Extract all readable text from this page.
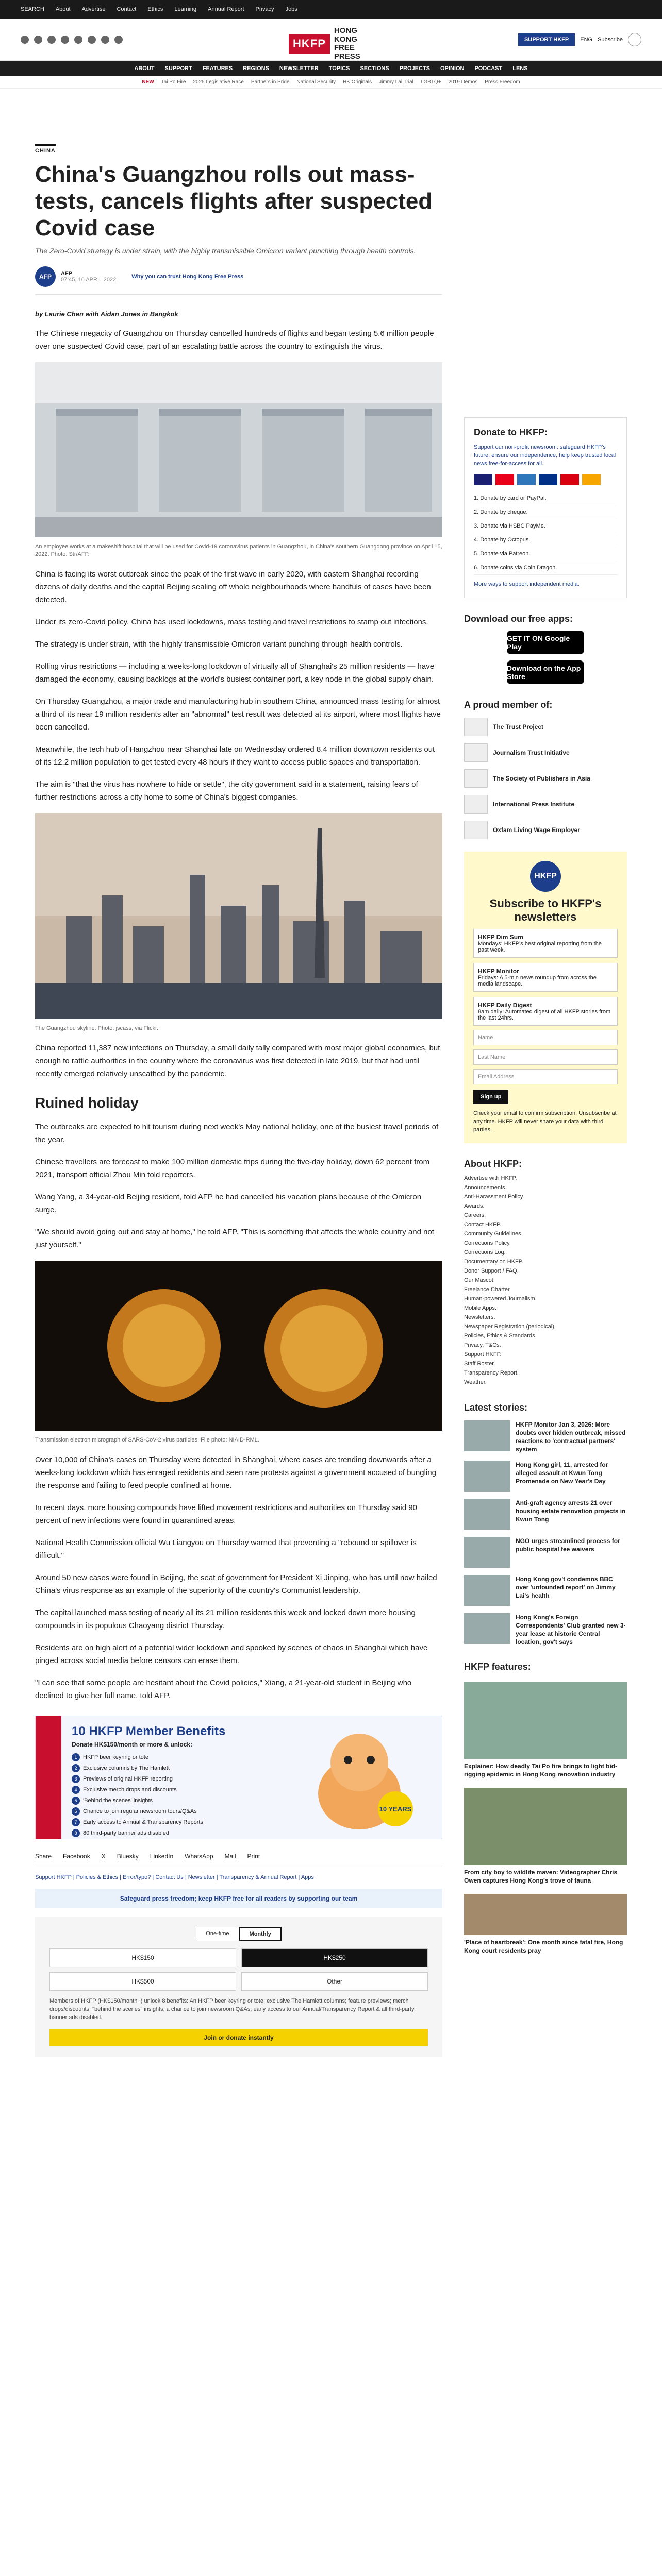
SEARCH About Advertise Contact Ethics Learning Annual Report Privacy Jobs
HKFP
HONG KONG FREE PRESS
SUPPORT HKFP	ENG Subscribe
ABOUT SUPPORT FEATURES REGIONS NEWSLETTER TOPICS SECTIONS PROJECTS OPINION PODCAST LENS
NEW Tai Po Fire 2025 Legislative Race Partners in Pride National Security HK Originals Jimmy Lai Trial LGBTQ+ 2019 Demos Press Freedom
CHINA
China's Guangzhou rolls out mass-tests, cancels flights after suspected Covid case
The Zero-Covid strategy is under strain, with the highly transmissible Omicron variant punching through health controls.
AFP	AFP
07:45, 16 APRIL 2022	Why you can trust Hong Kong Free Press
by Laurie Chen with Aidan Jones in Bangkok

The Chinese megacity of Guangzhou on Thursday cancelled hundreds of flights and began testing 5.6 million people over one suspected Covid case, part of an escalating battle across the country to extinguish the virus.

An employee works at a makeshift hospital that will be used for Covid-19 coronavirus patients in Guangzhou, in China's southern Guangdong province on April 15, 2022. Photo: Str/AFP.

China is facing its worst outbreak since the peak of the first wave in early 2020, with eastern Shanghai recording dozens of daily deaths and the capital Beijing sealing off whole neighbourhoods where handfuls of cases have been detected.

Under its zero-Covid policy, China has used lockdowns, mass testing and travel restrictions to stamp out infections.

The strategy is under strain, with the highly transmissible Omicron variant punching through health controls.

Rolling virus restrictions — including a weeks-long lockdown of virtually all of Shanghai's 25 million residents — have damaged the economy, causing backlogs at the world's busiest container port, a key node in the global supply chain.

On Thursday Guangzhou, a major trade and manufacturing hub in southern China, announced mass testing for almost a third of its near 19 million residents after an "abnormal" test result was detected at its airport, where most flights have been cancelled.

Meanwhile, the tech hub of Hangzhou near Shanghai late on Wednesday ordered 8.4 million downtown residents out of its 12.2 million population to get tested every 48 hours if they want to access public spaces and transportation.

The aim is "that the virus has nowhere to hide or settle", the city government said in a statement, raising fears of further restrictions across a city home to some of China's biggest companies.

The Guangzhou skyline. Photo: jscass, via Flickr.

China reported 11,387 new infections on Thursday, a small daily tally compared with most major global economies, but enough to rattle authorities in the country where the coronavirus was first detected in late 2019, but that had until recently emerged relatively unscathed by the pandemic.

Ruined holiday

The outbreaks are expected to hit tourism during next week's May national holiday, one of the busiest travel periods of the year.

Chinese travellers are forecast to make 100 million domestic trips during the five-day holiday, down 62 percent from 2021, transport official Zhou Min told reporters.

Wang Yang, a 34-year-old Beijing resident, told AFP he had cancelled his vacation plans because of the Omicron surge.

"We should avoid going out and stay at home," he told AFP. "This is something that affects the whole country and not just yourself."

Transmission electron micrograph of SARS-CoV-2 virus particles. File photo: NIAID-RML.

Over 10,000 of China's cases on Thursday were detected in Shanghai, where cases are trending downwards after a weeks-long lockdown which has enraged residents and seen rare protests against a government accused of bungling the response and failing to feed people confined at home.

In recent days, more housing compounds have lifted movement restrictions and authorities on Thursday said 90 percent of new infections were found in quarantined areas.

National Health Commission official Wu Liangyou on Thursday warned that preventing a "rebound or spillover is difficult."

Around 50 new cases were found in Beijing, the seat of government for President Xi Jinping, who has until now hailed China's virus response as an example of the superiority of the country's Communist leadership.

The capital launched mass testing of nearly all its 21 million residents this week and locked down more housing compounds in its populous Chaoyang district Thursday.

Residents are on high alert of a potential wider lockdown and spooked by scenes of chaos in Shanghai which have pinged across social media before censors can erase them.

"I can see that some people are hesitant about the Covid policies," Xiang, a 21-year-old student in Beijing who declined to give her full name, told AFP.

10 HKFP Member Benefits
Donate HK$150/month or more & unlock:
1	HKFP beer keyring or tote
2	Exclusive columns by The Hamlett
3	Previews of original HKFP reporting
4	Exclusive merch drops and discounts
5	'Behind the scenes' insights
6	Chance to join regular newsroom tours/Q&As
7	Early access to Annual & Transparency Reports
8	80 third-party banner ads disabled
10 YEARS
Share Facebook X Bluesky LinkedIn WhatsApp Mail Print
Support HKFP | Policies & Ethics | Error/typo? | Contact Us | Newsletter | Transparency & Annual Report | Apps
Safeguard press freedom; keep HKFP free for all readers by supporting our team
One-time	Monthly
HK$150	HK$250
HK$500	Other
Members of HKFP (HK$150/month+) unlock 8 benefits: An HKFP beer keyring or tote; exclusive The Hamlett columns; feature previews; merch drops/discounts; "behind the scenes" insights; a chance to join newsroom Q&As; early access to our Annual/Transparency Report & all third-party banner ads disabled.
Join or donate instantly
Donate to HKFP:

Support our non-profit newsroom: safeguard HKFP's future, ensure our independence, help keep trusted local news free-for-access for all.

1. Donate by card or PayPal.
2. Donate by cheque.
3. Donate via HSBC PayMe.
4. Donate by Octopus.
5. Donate via Patreon.
6. Donate coins via Coin Dragon.

More ways to support independent media.

Download our free apps:
GET IT ON Google Play
Download on the App Store
A proud member of:
The Trust Project
Journalism Trust Initiative
The Society of Publishers in Asia
International Press Institute
Oxfam Living Wage Employer
HKFP
Subscribe to HKFP's newsletters
HKFP Dim Sum
Mondays: HKFP's best original reporting from the past week.
HKFP Monitor
Fridays: A 5-min news roundup from across the media landscape.
HKFP Daily Digest
8am daily: Automated digest of all HKFP stories from the last 24hrs.
Name
Last Name
Email Address
Sign up

Check your email to confirm subscription. Unsubscribe at any time. HKFP will never share your data with third parties.

About HKFP:
Advertise with HKFP.
Announcements.
Anti-Harassment Policy.
Awards.
Careers.
Contact HKFP.
Community Guidelines.
Corrections Policy.
Corrections Log.
Documentary on HKFP.
Donor Support / FAQ.
Our Mascot.
Freelance Charter.
Human-powered Journalism.
Mobile Apps.
Newsletters.
Newspaper Registration (periodical).
Policies, Ethics & Standards.
Privacy, T&Cs.
Support HKFP.
Staff Roster.
Transparency Report.
Weather.
Latest stories:
HKFP Monitor Jan 3, 2026: More doubts over hidden outbreak, missed reactions to 'contractual partners' system
Hong Kong girl, 11, arrested for alleged assault at Kwun Tong Promenade on New Year's Day
Anti-graft agency arrests 21 over housing estate renovation projects in Kwun Tong
NGO urges streamlined process for public hospital fee waivers
Hong Kong gov't condemns BBC over 'unfounded report' on Jimmy Lai's health
Hong Kong's Foreign Correspondents' Club granted new 3-year lease at historic Central location, gov't says
HKFP features:
Explainer: How deadly Tai Po fire brings to light bid-rigging epidemic in Hong Kong renovation industry
From city boy to wildlife maven: Videographer Chris Owen captures Hong Kong's trove of fauna
'Place of heartbreak': One month since fatal fire, Hong Kong court residents pray
